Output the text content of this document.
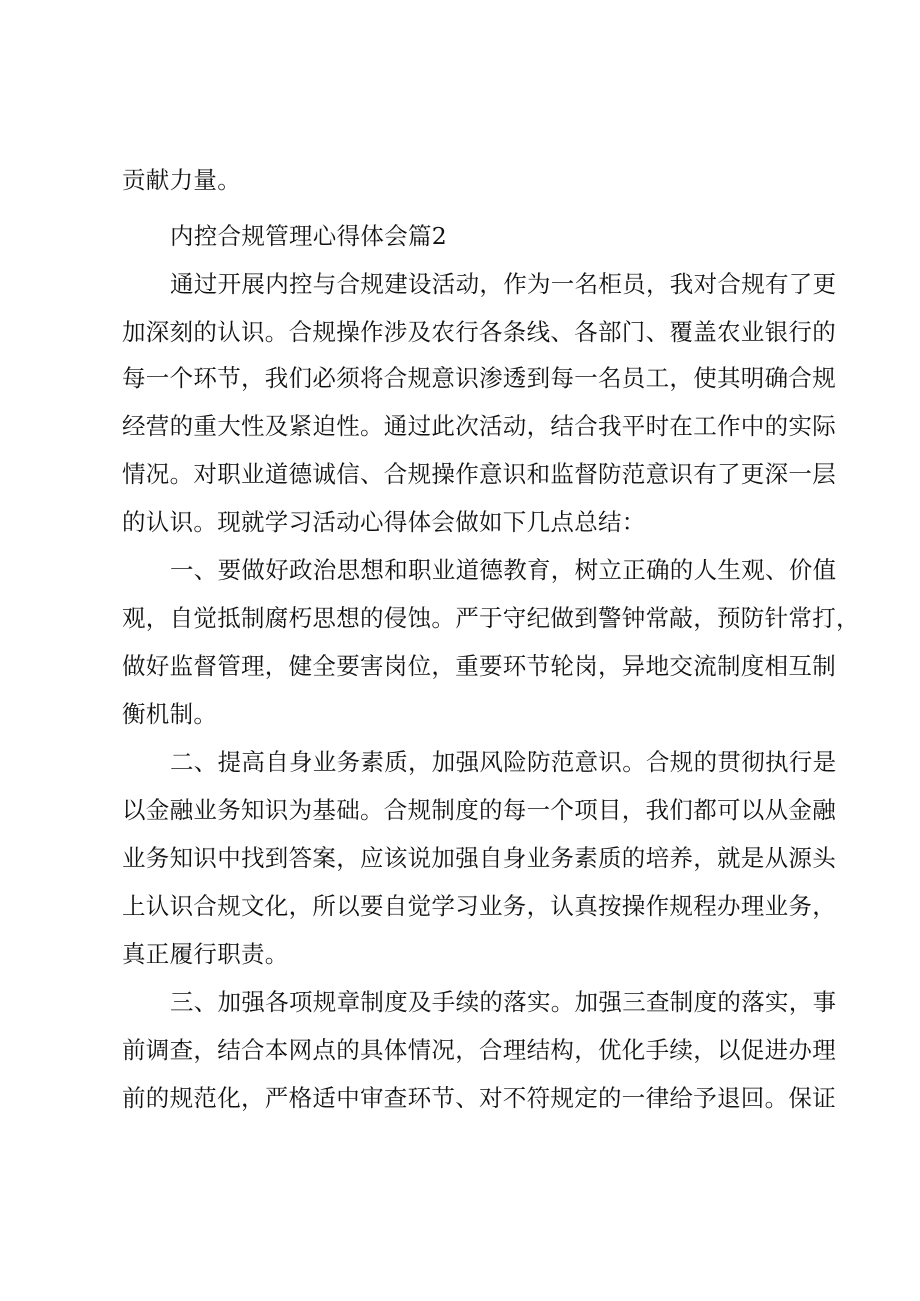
贡献力量。
内控合规管理心得体会篇2
通过开展内控与合规建设活动，作为一名柜员，我对合规有了更
加深刻的认识。合规操作涉及农行各条线、各部门、覆盖农业银行的
每一个环节，我们必须将合规意识渗透到每一名员工，使其明确合规
经营的重大性及紧迫性。通过此次活动，结合我平时在工作中的实际
情况。对职业道德诚信、合规操作意识和监督防范意识有了更深一层
的认识。现就学习活动心得体会做如下几点总结：
一、要做好政治思想和职业道德教育，树立正确的人生观、价值
观，自觉抵制腐朽思想的侵蚀。严于守纪做到警钟常敲，预防针常打，
做好监督管理，健全要害岗位，重要环节轮岗，异地交流制度相互制
衡机制。
二、提高自身业务素质，加强风险防范意识。合规的贯彻执行是
以金融业务知识为基础。合规制度的每一个项目，我们都可以从金融
业务知识中找到答案，应该说加强自身业务素质的培养，就是从源头
上认识合规文化，所以要自觉学习业务，认真按操作规程办理业务，
真正履行职责。
三、加强各项规章制度及手续的落实。加强三查制度的落实，事
前调查，结合本网点的具体情况，合理结构，优化手续，以促进办理
前的规范化，严格适中审查环节、对不符规定的一律给予退回。保证
